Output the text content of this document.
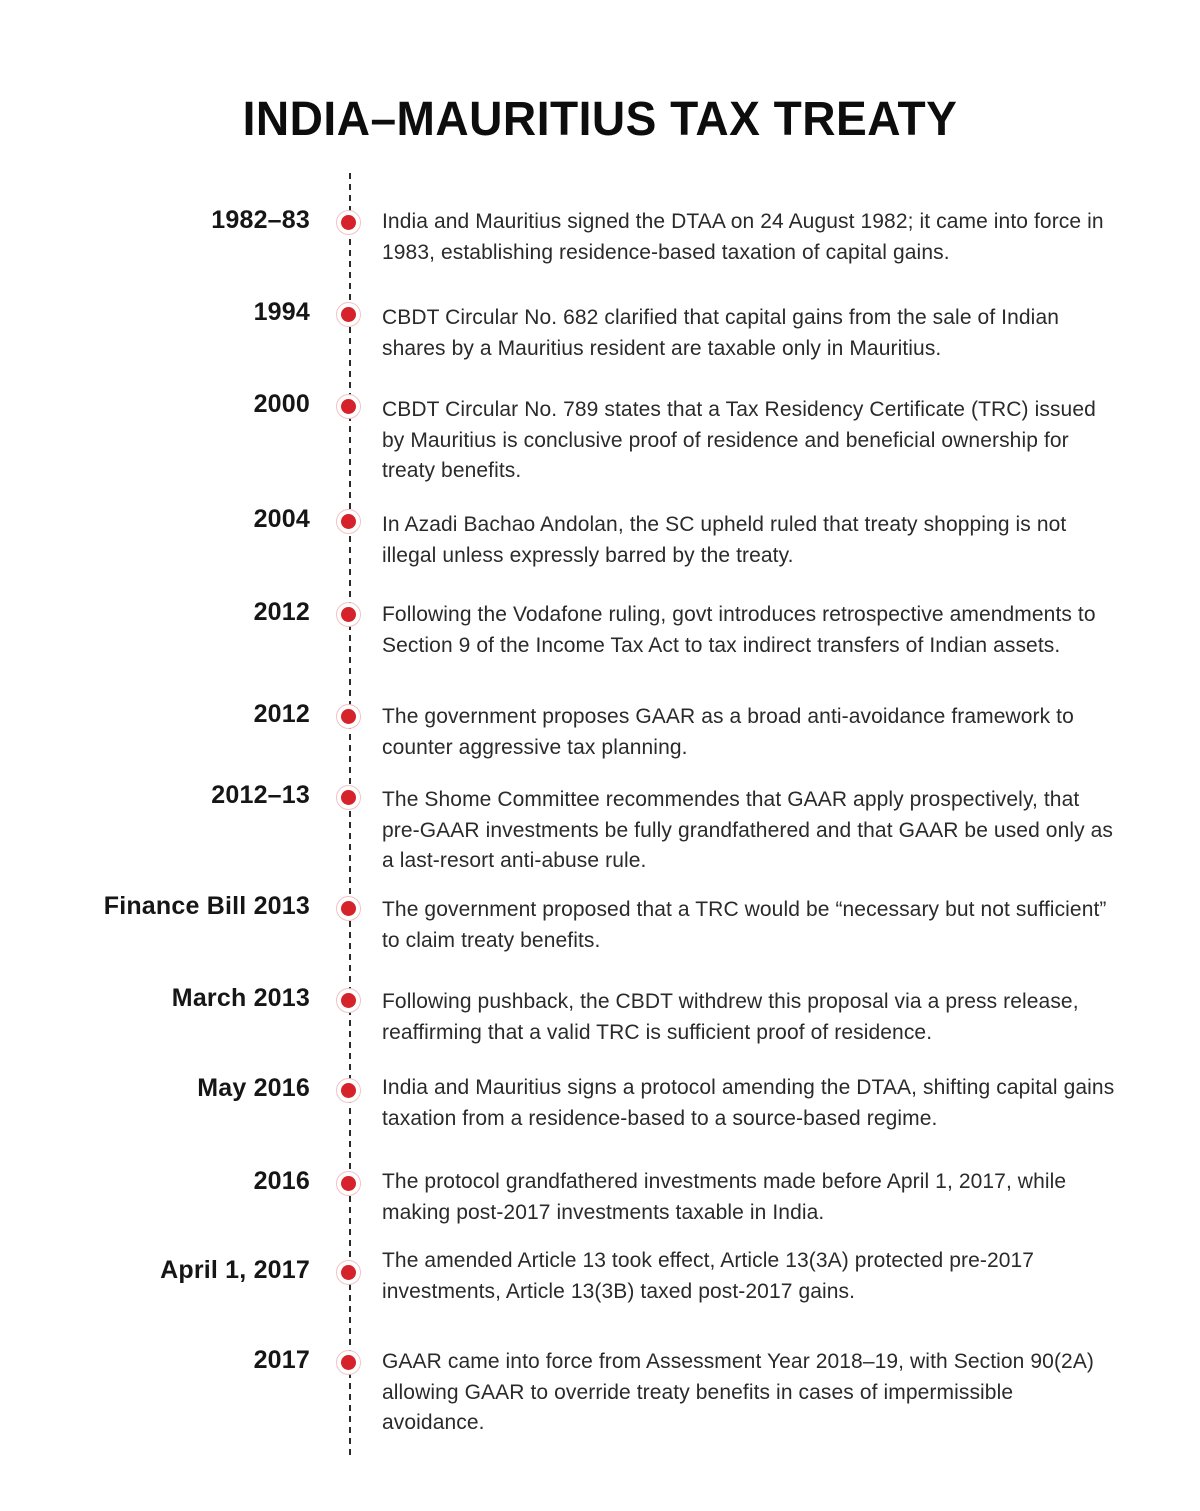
INDIA–MAURITIUS TAX TREATY
1982–83	India and Mauritius signed the DTAA on 24 August 1982; it came into force in 1983, establishing residence-based taxation of capital gains.
1994	CBDT Circular No. 682 clarified that capital gains from the sale of Indian shares by a Mauritius resident are taxable only in Mauritius.
2000	CBDT Circular No. 789 states that a Tax Residency Certificate (TRC) issued by Mauritius is conclusive proof of residence and beneficial ownership for treaty benefits.
2004	In Azadi Bachao Andolan, the SC upheld ruled that treaty shopping is not illegal unless expressly barred by the treaty.
2012	Following the Vodafone ruling, govt introduces retrospective amendments to Section 9 of the Income Tax Act to tax indirect transfers of Indian assets.
2012	The government proposes GAAR as a broad anti-avoidance framework to counter aggressive tax planning.
2012–13	The Shome Committee recommendes that GAAR apply prospectively, that pre-GAAR investments be fully grandfathered and that GAAR be used only as a last-resort anti-abuse rule.
Finance Bill 2013	The government proposed that a TRC would be “necessary but not sufficient” to claim treaty benefits.
March 2013	Following pushback, the CBDT withdrew this proposal via a press release, reaffirming that a valid TRC is sufficient proof of residence.
May 2016	India and Mauritius signs a protocol amending the DTAA, shifting capital gains taxation from a residence-based to a source-based regime.
2016	The protocol grandfathered investments made before April 1, 2017, while making post-2017 investments taxable in India.
April 1, 2017	The amended Article 13 took effect, Article 13(3A) protected pre-2017 investments, Article 13(3B) taxed post-2017 gains.
2017	GAAR came into force from Assessment Year 2018–19, with Section 90(2A) allowing GAAR to override treaty benefits in cases of impermissible avoidance.
